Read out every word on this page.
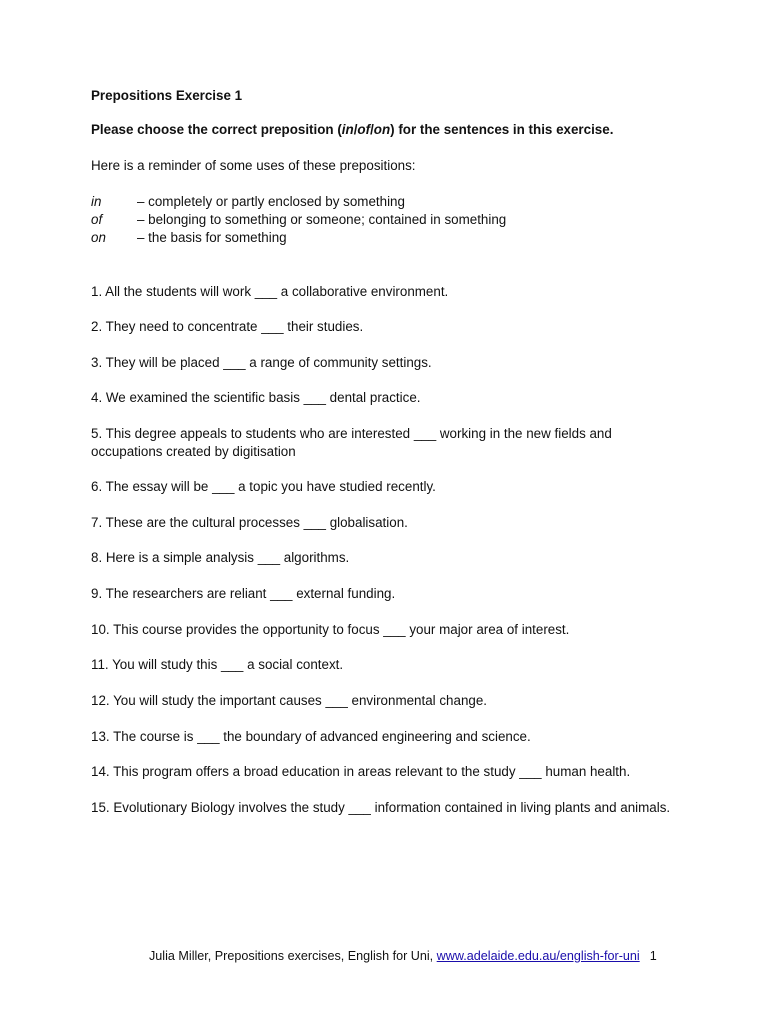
Prepositions Exercise 1
Please choose the correct preposition (in/of/on) for the sentences in this exercise.
Here is a reminder of some uses of these prepositions:
in	– completely or partly enclosed by something
of	– belonging to something or someone; contained in something
on – the basis for something
1. All the students will work ___ a collaborative environment.
2. They need to concentrate ___ their studies.
3. They will be placed ___ a range of community settings.
4. We examined the scientific basis ___ dental practice.
5. This degree appeals to students who are interested ___ working in the new fields and occupations created by digitisation
6. The essay will be ___ a topic you have studied recently.
7. These are the cultural processes ___ globalisation.
8. Here is a simple analysis ___ algorithms.
9. The researchers are reliant ___ external funding.
10. This course provides the opportunity to focus ___ your major area of interest.
11. You will study this ___ a social context.
12. You will study the important causes ___ environmental change.
13. The course is ___ the boundary of advanced engineering and science.
14. This program offers a broad education in areas relevant to the study ___ human health.
15. Evolutionary Biology involves the study ___ information contained in living plants and animals.
Julia Miller, Prepositions exercises, English for Uni, www.adelaide.edu.au/english-for-uni 1
